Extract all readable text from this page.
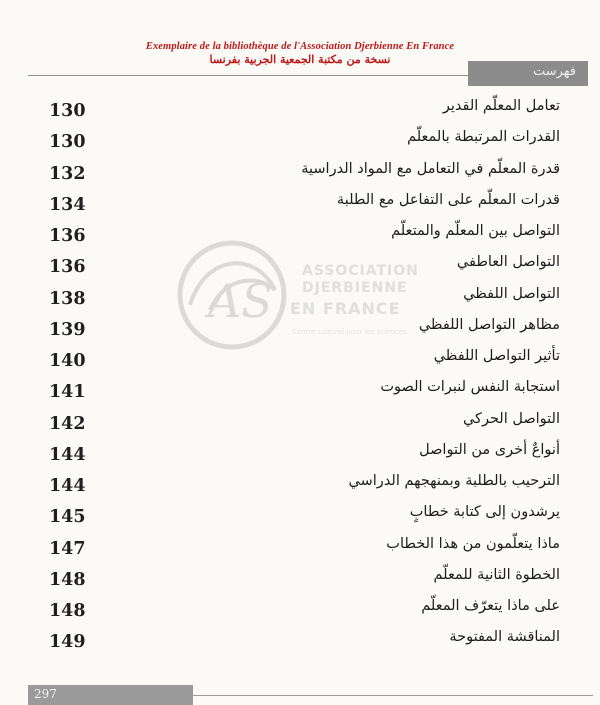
Exemplaire de la bibliothèque de l'Association Djerbienne En France
نسخة من مكتبة الجمعية الجربية بفرنسا
فهرست
AS
ASSOCIATION
DJERBIENNE
EN FRANCE
Centre culturel pour les sciences
130	تعامل المعلّم القدير
130	القدرات المرتبطة بالمعلّم
132	قدرة المعلّم في التعامل مع المواد الدراسية
134	قدرات المعلّم على التفاعل مع الطلبة
136	التواصل بين المعلّم والمتعلّم
136	التواصل العاطفي
138	التواصل اللفظي
139	مظاهر التواصل اللفظي
140	تأثير التواصل اللفظي
141	استجابة النفس لنبرات الصوت
142	التواصل الحركي
144	أنواعٌ أخرى من التواصل
144	الترحيب بالطلبة وبمنهجهم الدراسي
145	يرشدون إلى كتابة خطابٍ
147	ماذا يتعلّمون من هذا الخطاب
148	الخطوة الثانية للمعلّم
148	على ماذا يتعرّف المعلّم
149	المناقشة المفتوحة
297
